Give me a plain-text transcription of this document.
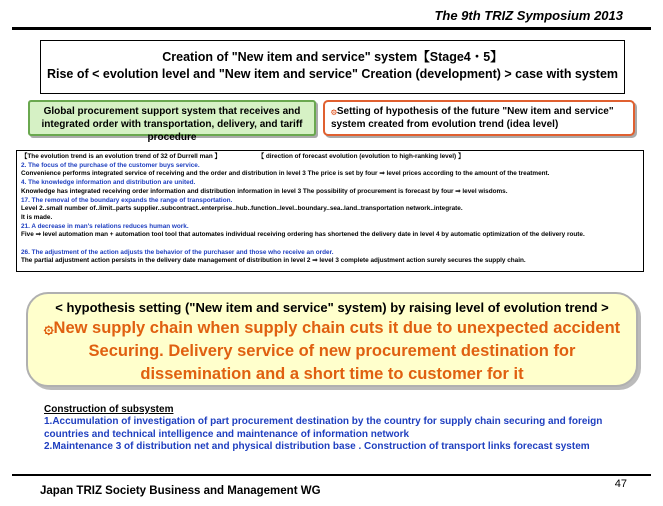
The 9th TRIZ Symposium 2013
Creation of "New item and service" system【Stage4・5】
Rise of < evolution level and "New item and service" Creation (development) > case with system
Global procurement support system that receives and integrated order with transportation, delivery, and tariff procedure
۞Setting of hypothesis of the future "New item and service" system created from evolution trend (idea level)
【The evolution trend is an evolution trend of 32 of Durrell man 】	【 direction of forecast evolution (evolution to high-ranking level) 】
2. The focus of the purchase of the customer buys service.
Convenience performs integrated service of receiving and the order and distribution in level 3 The price is set by four ⇒ level prices according to the amount of the treatment.
4. The knowledge information and distribution are united.
Knowledge has integrated receiving order information and distribution information in level 3 The possibility of procurement is forecast by four ⇒ level wisdoms.
17. The removal of the boundary expands the range of transportation.
Level 2..small number of..limit..parts supplier..subcontract..enterprise..hub..function..level..boundary..sea..land..transportation network..integrate.
It is made.
21. A decrease in man's relations reduces human work.
Five ⇒ level automation man + automation tool tool that automates individual receiving ordering has shortened the delivery date in level 4 by automatic optimization of the delivery route.

26. The adjustment of the action adjusts the behavior of the purchaser and those who receive an order.
The partial adjustment action persists in the delivery date management of distribution in level 2 ⇒ level 3 complete adjustment action surely secures the supply chain.
< hypothesis setting ("New item and service" system) by raising level of evolution trend >
۞New supply chain when supply chain cuts it due to unexpected accident
Securing. Delivery service of new procurement destination for
dissemination and a short time to customer for it
Construction of subsystem
1.Accumulation of investigation of part procurement destination by the country for supply chain securing and foreign
countries and technical intelligence and maintenance of information network
2.Maintenance 3 of distribution net and physical distribution base . Construction of transport links forecast system
Japan TRIZ Society Business and Management WG
47
